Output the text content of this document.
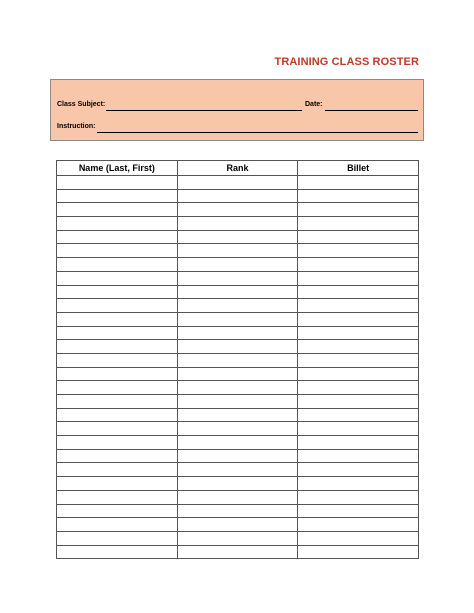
TRAINING CLASS ROSTER
Class Subject:	Date:
Instruction:
Name (Last, First)	Rank	Billet
